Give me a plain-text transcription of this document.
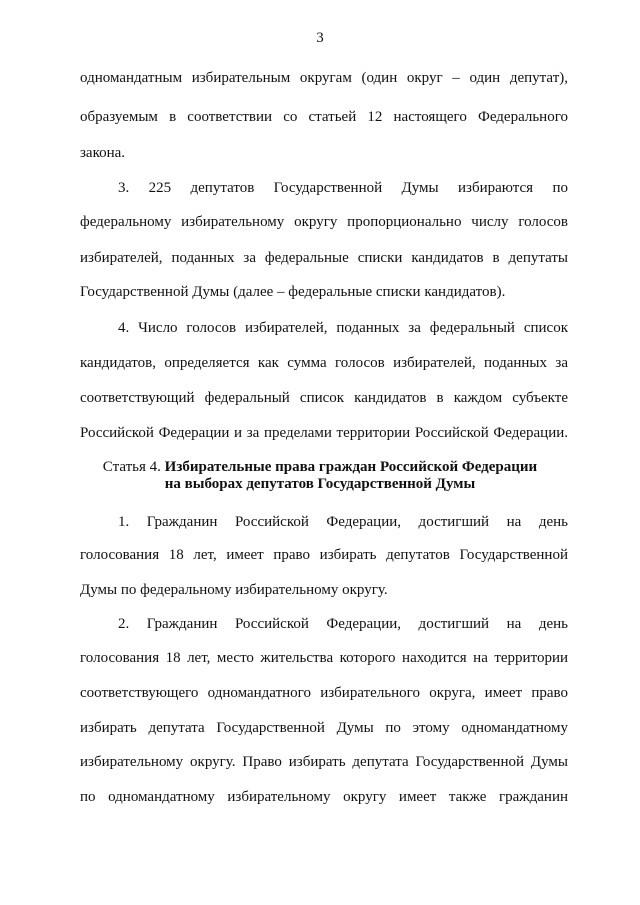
3
одномандатным избирательным округам (один округ – один депутат),
образуемым в соответствии со статьей 12 настоящего Федерального
закона.
3. 225 депутатов Государственной Думы избираются по
федеральному избирательному округу пропорционально числу голосов
избирателей, поданных за федеральные списки кандидатов в депутаты
Государственной Думы (далее – федеральные списки кандидатов).
4. Число голосов избирателей, поданных за федеральный список
кандидатов, определяется как сумма голосов избирателей, поданных за
соответствующий федеральный список кандидатов в каждом субъекте
Российской Федерации и за пределами территории Российской Федерации.
Статья 4. Избирательные права граждан Российской Федерации
на выборах депутатов Государственной Думы
1. Гражданин Российской Федерации, достигший на день
голосования 18 лет, имеет право избирать депутатов Государственной
Думы по федеральному избирательному округу.
2. Гражданин Российской Федерации, достигший на день
голосования 18 лет, место жительства которого находится на территории
соответствующего одномандатного избирательного округа, имеет право
избирать депутата Государственной Думы по этому одномандатному
избирательному округу. Право избирать депутата Государственной Думы
по одномандатному избирательному округу имеет также гражданин
